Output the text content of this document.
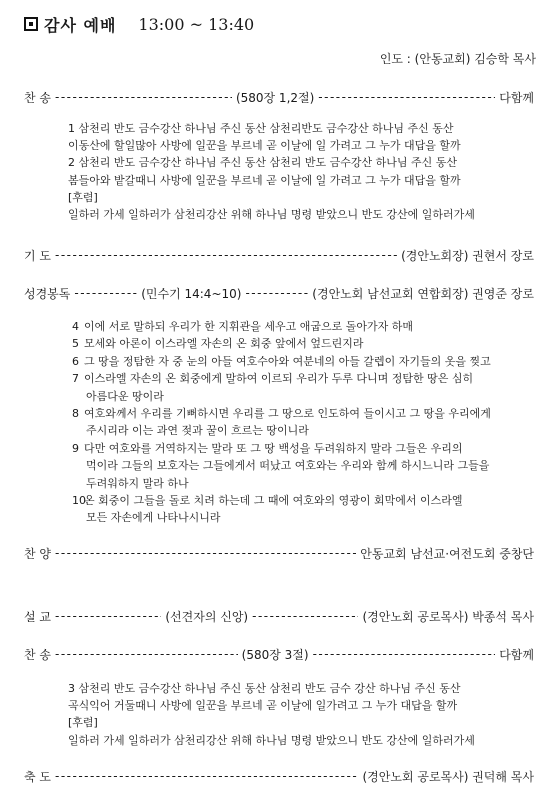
감사 예배 13:00 ~ 13:40
인도 : (안동교회) 김승학 목사
찬 송 -----	(580장 1,2절) -----	다함께
1 삼천리 반도 금수강산 하나님 주신 동산 삼천리반도 금수강산 하나님 주신 동산
이동산에 할일많아 사방에 일꾼을 부르네 곧 이날에 일 가려고 그 누가 대답을 할까
2 삼천리 반도 금수강산 하나님 주신 동산 삼천리 반도 금수강산 하나님 주신 동산
봄들아와 밭갈때니 사방에 일꾼을 부르네 곧 이날에 일 가려고 그 누가 대답을 할까
[후렴]
일하러 가세 일하러가 삼천리강산 위해 하나님 명령 받았으니 반도 강산에 일하러가세
기 도 -----	(경안노회장) 권현서 장로
성경봉독 -----	(민수기 14:4~10) -----	(경안노회 남선교회 연합회장) 권영준 장로
4 이에 서로 말하되 우리가 한 지휘관을 세우고 애굽으로 돌아가자 하매
5 모세와 아론이 이스라엘 자손의 온 회중 앞에서 엎드린지라
6 그 땅을 정탐한 자 중 눈의 아들 여호수아와 여분네의 아들 갈렙이 자기들의 옷을 찢고
7 이스라엘 자손의 온 회중에게 말하여 이르되 우리가 두루 다니며 정탐한 땅은 심히
아름다운 땅이라
8 여호와께서 우리를 기뻐하시면 우리를 그 땅으로 인도하여 들이시고 그 땅을 우리에게
주시리라 이는 과연 젖과 꿀이 흐르는 땅이니라
9 다만 여호와를 거역하지는 말라 또 그 땅 백성을 두려워하지 말라 그들은 우리의
먹이라 그들의 보호자는 그들에게서 떠났고 여호와는 우리와 함께 하시느니라 그들을
두려워하지 말라 하나
10
온 회중이 그들을 돌로 치려 하는데 그 때에 여호와의 영광이 회막에서 이스라엘
모든 자손에게 나타나시니라
찬 양 -----	안동교회 남선교·여전도회 중창단
설 교 -----	(선견자의 신앙) -----	(경안노회 공로목사) 박종석 목사
찬 송 -----	(580장 3절) -----	다함께
3 삼천리 반도 금수강산 하나님 주신 동산 삼천리 반도 금수 강산 하나님 주신 동산
곡식익어 거둘때니 사방에 일꾼을 부르네 곧 이날에 일가려고 그 누가 대답을 할까
[후렴]
일하러 가세 일하러가 삼천리강산 위해 하나님 명령 받았으니 반도 강산에 일하러가세
축 도 -----	(경안노회 공로목사) 권덕해 목사
